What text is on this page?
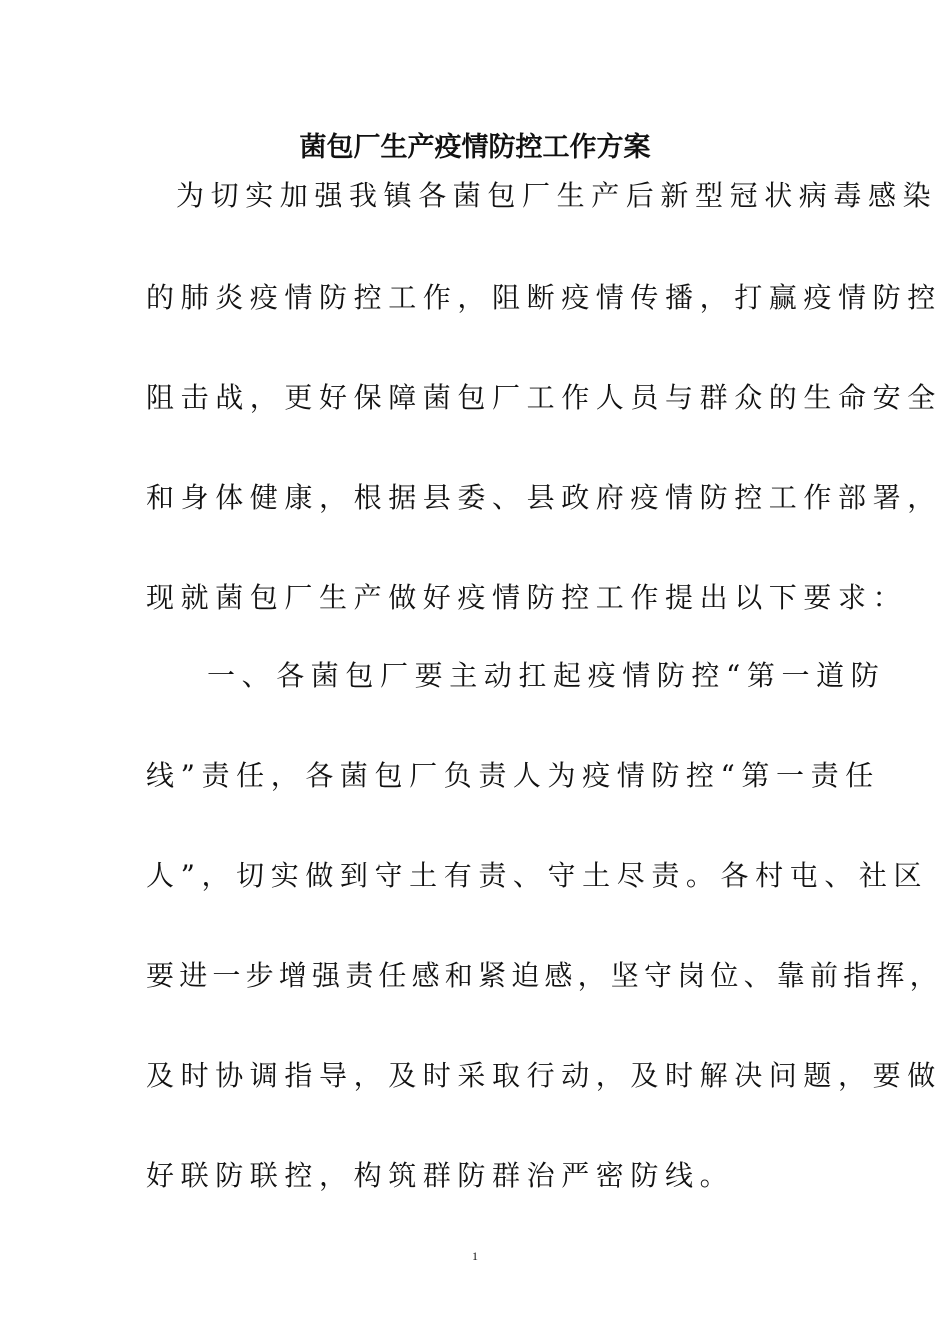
菌包厂生产疫情防控工作方案
为切实加强我镇各菌包厂生产后新型冠状病毒感染
的肺炎疫情防控工作，阻断疫情传播，打赢疫情防控
阻击战，更好保障菌包厂工作人员与群众的生命安全
和身体健康，根据县委、县政府疫情防控工作部署，
现就菌包厂生产做好疫情防控工作提出以下要求：
一、各菌包厂要主动扛起疫情防控“第一道防
线”责任，各菌包厂负责人为疫情防控“第一责任
人”，切实做到守土有责、守土尽责。各村屯、社区
要进一步增强责任感和紧迫感，坚守岗位、靠前指挥，
及时协调指导，及时采取行动，及时解决问题，要做
好联防联控，构筑群防群治严密防线。
1
